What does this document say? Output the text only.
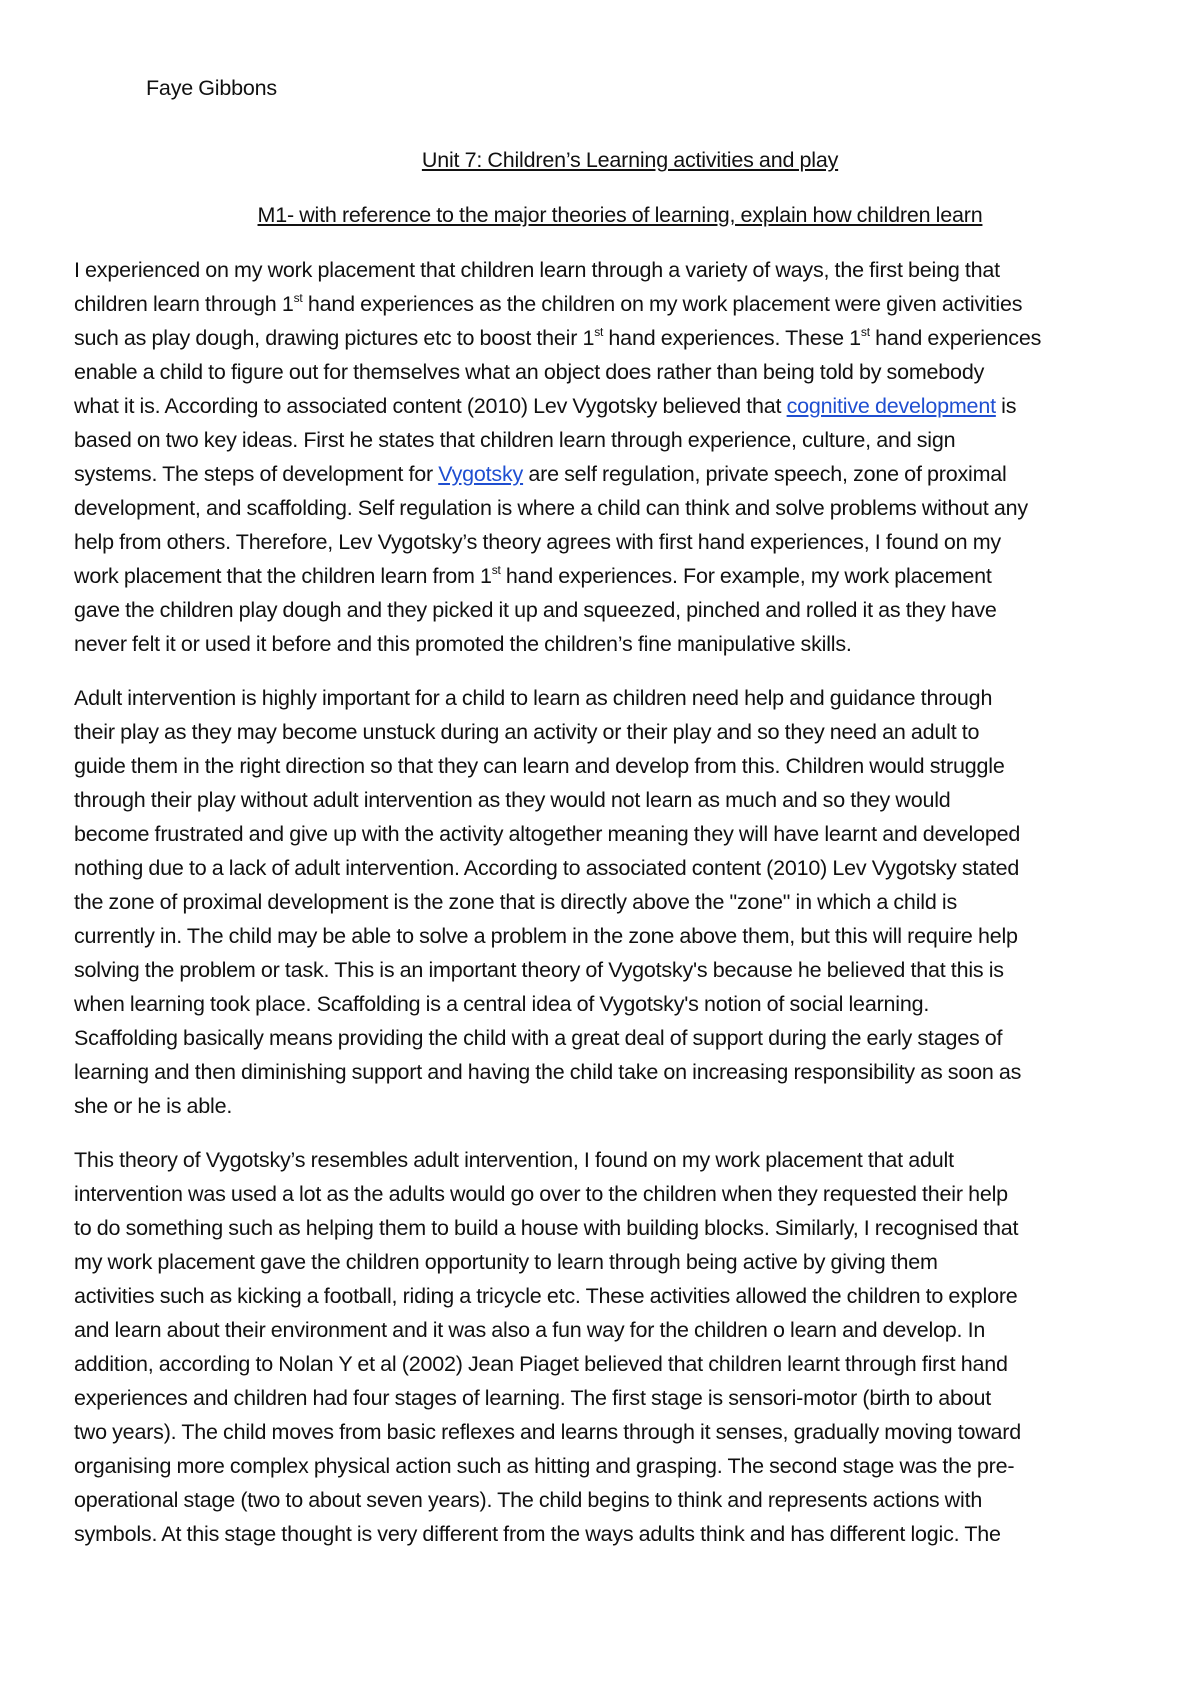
Faye Gibbons

Unit 7: Children’s Learning activities and play

M1- with reference to the major theories of learning, explain how children learn

I experienced on my work placement that children learn through a variety of ways, the first being that
children learn through 1st hand experiences as the children on my work placement were given activities
such as play dough, drawing pictures etc to boost their 1st hand experiences. These 1st hand experiences
enable a child to figure out for themselves what an object does rather than being told by somebody
what it is. According to associated content (2010) Lev Vygotsky believed that cognitive development is
based on two key ideas. First he states that children learn through experience, culture, and sign
systems. The steps of development for Vygotsky are self regulation, private speech, zone of proximal
development, and scaffolding. Self regulation is where a child can think and solve problems without any
help from others. Therefore, Lev Vygotsky’s theory agrees with first hand experiences, I found on my
work placement that the children learn from 1st hand experiences. For example, my work placement
gave the children play dough and they picked it up and squeezed, pinched and rolled it as they have
never felt it or used it before and this promoted the children’s fine manipulative skills.

Adult intervention is highly important for a child to learn as children need help and guidance through
their play as they may become unstuck during an activity or their play and so they need an adult to
guide them in the right direction so that they can learn and develop from this. Children would struggle
through their play without adult intervention as they would not learn as much and so they would
become frustrated and give up with the activity altogether meaning they will have learnt and developed
nothing due to a lack of adult intervention. According to associated content (2010) Lev Vygotsky stated
the zone of proximal development is the zone that is directly above the "zone" in which a child is
currently in. The child may be able to solve a problem in the zone above them, but this will require help
solving the problem or task. This is an important theory of Vygotsky's because he believed that this is
when learning took place. Scaffolding is a central idea of Vygotsky's notion of social learning.
Scaffolding basically means providing the child with a great deal of support during the early stages of
learning and then diminishing support and having the child take on increasing responsibility as soon as
she or he is able.

This theory of Vygotsky’s resembles adult intervention, I found on my work placement that adult
intervention was used a lot as the adults would go over to the children when they requested their help
to do something such as helping them to build a house with building blocks. Similarly, I recognised that
my work placement gave the children opportunity to learn through being active by giving them
activities such as kicking a football, riding a tricycle etc. These activities allowed the children to explore
and learn about their environment and it was also a fun way for the children o learn and develop. In
addition, according to Nolan Y et al (2002) Jean Piaget believed that children learnt through first hand
experiences and children had four stages of learning. The first stage is sensori-motor (birth to about
two years). The child moves from basic reflexes and learns through it senses, gradually moving toward
organising more complex physical action such as hitting and grasping. The second stage was the pre-
operational stage (two to about seven years). The child begins to think and represents actions with
symbols. At this stage thought is very different from the ways adults think and has different logic. The
